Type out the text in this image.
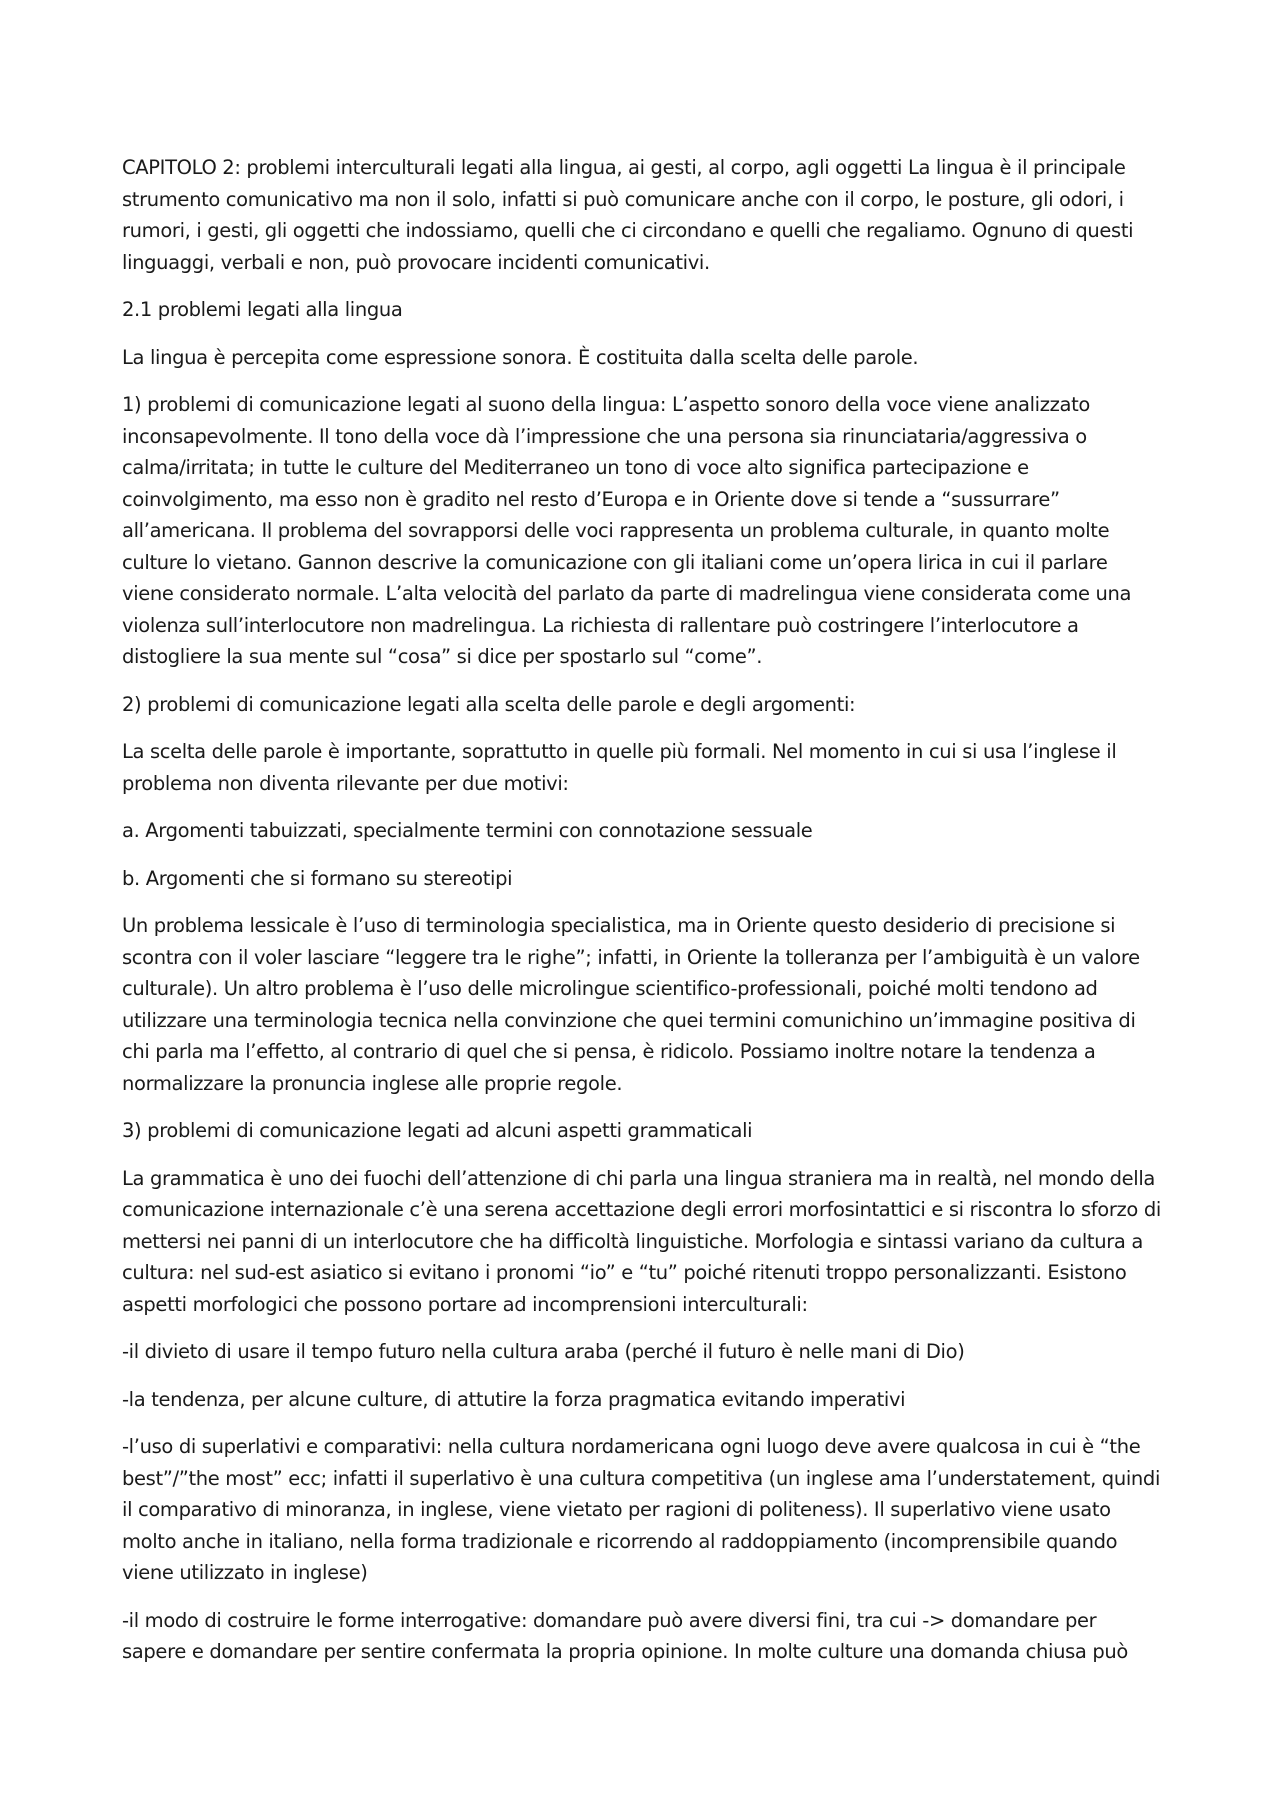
CAPITOLO 2: problemi interculturali legati alla lingua, ai gesti, al corpo, agli oggetti La lingua è il principale strumento comunicativo ma non il solo, infatti si può comunicare anche con il corpo, le posture, gli odori, i rumori, i gesti, gli oggetti che indossiamo, quelli che ci circondano e quelli che regaliamo. Ognuno di questi linguaggi, verbali e non, può provocare incidenti comunicativi.

2.1 problemi legati alla lingua

La lingua è percepita come espressione sonora. È costituita dalla scelta delle parole.

1) problemi di comunicazione legati al suono della lingua: L’aspetto sonoro della voce viene analizzato inconsapevolmente. Il tono della voce dà l’impressione che una persona sia rinunciataria/aggressiva o calma/irritata; in tutte le culture del Mediterraneo un tono di voce alto significa partecipazione e coinvolgimento, ma esso non è gradito nel resto d’Europa e in Oriente dove si tende a “sussurrare” all’americana. Il problema del sovrapporsi delle voci rappresenta un problema culturale, in quanto molte culture lo vietano. Gannon descrive la comunicazione con gli italiani come un’opera lirica in cui il parlare viene considerato normale. L’alta velocità del parlato da parte di madrelingua viene considerata come una violenza sull’interlocutore non madrelingua. La richiesta di rallentare può costringere l’interlocutore a distogliere la sua mente sul “cosa” si dice per spostarlo sul “come”.

2) problemi di comunicazione legati alla scelta delle parole e degli argomenti:

La scelta delle parole è importante, soprattutto in quelle più formali. Nel momento in cui si usa l’inglese il problema non diventa rilevante per due motivi:

a. Argomenti tabuizzati, specialmente termini con connotazione sessuale

b. Argomenti che si formano su stereotipi

Un problema lessicale è l’uso di terminologia specialistica, ma in Oriente questo desiderio di precisione si scontra con il voler lasciare “leggere tra le righe”; infatti, in Oriente la tolleranza per l’ambiguità è un valore culturale). Un altro problema è l’uso delle microlingue scientifico-professionali, poiché molti tendono ad utilizzare una terminologia tecnica nella convinzione che quei termini comunichino un’immagine positiva di chi parla ma l’effetto, al contrario di quel che si pensa, è ridicolo. Possiamo inoltre notare la tendenza a normalizzare la pronuncia inglese alle proprie regole.

3) problemi di comunicazione legati ad alcuni aspetti grammaticali

La grammatica è uno dei fuochi dell’attenzione di chi parla una lingua straniera ma in realtà, nel mondo della comunicazione internazionale c’è una serena accettazione degli errori morfosintattici e si riscontra lo sforzo di mettersi nei panni di un interlocutore che ha difficoltà linguistiche. Morfologia e sintassi variano da cultura a cultura: nel sud-est asiatico si evitano i pronomi “io” e “tu” poiché ritenuti troppo personalizzanti. Esistono aspetti morfologici che possono portare ad incomprensioni interculturali:

-il divieto di usare il tempo futuro nella cultura araba (perché il futuro è nelle mani di Dio)

-la tendenza, per alcune culture, di attutire la forza pragmatica evitando imperativi

-l’uso di superlativi e comparativi: nella cultura nordamericana ogni luogo deve avere qualcosa in cui è “the best”/”the most” ecc; infatti il superlativo è una cultura competitiva (un inglese ama l’understatement, quindi il comparativo di minoranza, in inglese, viene vietato per ragioni di politeness). Il superlativo viene usato molto anche in italiano, nella forma tradizionale e ricorrendo al raddoppiamento (incomprensibile quando viene utilizzato in inglese)

-il modo di costruire le forme interrogative: domandare può avere diversi fini, tra cui -> domandare per sapere e domandare per sentire confermata la propria opinione. In molte culture una domanda chiusa può
